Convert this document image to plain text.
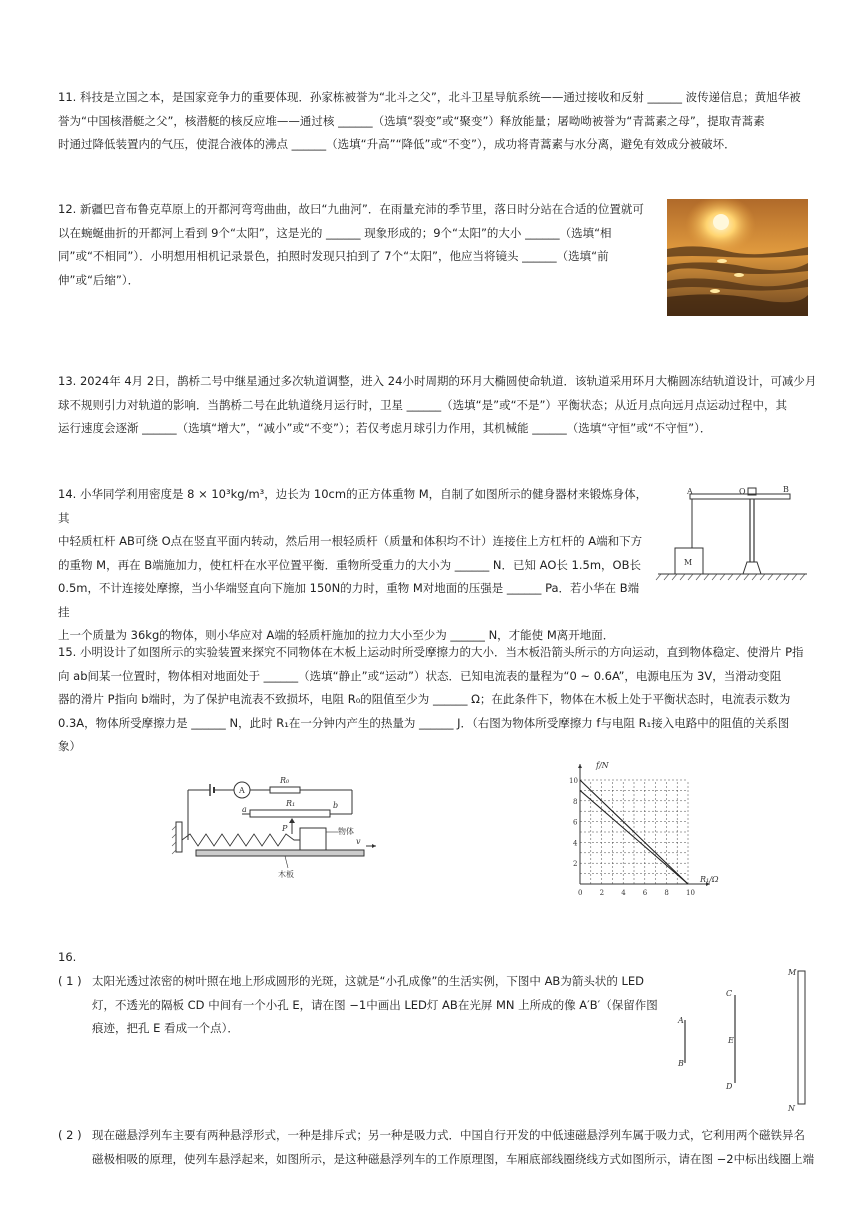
11. 科技是立国之本，是国家竞争力的重要体现．孙家栋被誉为“北斗之父”，北斗卫星导航系统——通过接收和反射 ______ 波传递信息；黄旭华被

誉为“中国核潜艇之父”，核潜艇的核反应堆——通过核 ______（选填“裂变”或“聚变”）释放能量；屠呦呦被誉为“青蒿素之母”，提取青蒿素

时通过降低装置内的气压，使混合液体的沸点 ______（选填“升高”“降低”或“不变”），成功将青蒿素与水分离，避免有效成分被破坏．

12. 新疆巴音布鲁克草原上的开都河弯弯曲曲，故曰“九曲河”．在雨量充沛的季节里，落日时分站在合适的位置就可

以在蜿蜒曲折的开都河上看到 9个“太阳”，这是光的 ______ 现象形成的；9个“太阳”的大小 ______（选填“相

同”或“不相同”）．小明想用相机记录景色，拍照时发现只拍到了 7个“太阳”，他应当将镜头 ______（选填“前

伸”或“后缩”）．

13. 2024年 4月 2日，鹊桥二号中继星通过多次轨道调整，进入 24小时周期的环月大椭圆使命轨道．该轨道采用环月大椭圆冻结轨道设计，可减少月

球不规则引力对轨道的影响．当鹊桥二号在此轨道绕月运行时，卫星 ______（选填“是”或“不是”）平衡状态；从近月点向远月点运动过程中，其

运行速度会逐渐 ______（选填“增大”，“减小”或“不变”）；若仅考虑月球引力作用，其机械能 ______（选填“守恒”或“不守恒”）．

14. 小华同学利用密度是 8 × 10³kg/m³，边长为 10cm的正方体重物 M，自制了如图所示的健身器材来锻炼身体，其

中轻质杠杆 AB可绕 O点在竖直平面内转动，然后用一根轻质杆（质量和体积均不计）连接住上方杠杆的 A端和下方

的重物 M，再在 B端施加力，使杠杆在水平位置平衡．重物所受重力的大小为 ______ N．已知 AO长 1.5m，OB长

0.5m，不计连接处摩擦，当小华端竖直向下施加 150N的力时，重物 M对地面的压强是 ______ Pa．若小华在 B端挂

上一个质量为 36kg的物体，则小华应对 A端的轻质杆施加的拉力大小至少为 ______ N，才能使 M离开地面．

A	O	B
M

15. 小明设计了如图所示的实验装置来探究不同物体在木板上运动时所受摩擦力的大小．当木板沿箭头所示的方向运动，直到物体稳定、使滑片 P指

向 ab间某一位置时，物体相对地面处于 ______（选填“静止”或“运动”）状态．已知电流表的量程为“0 ~ 0.6A”，电源电压为 3V，当滑动变阻

器的滑片 P指向 b端时，为了保护电流表不致损坏，电阻 R₀的阻值至少为 ______ Ω；在此条件下，物体在木板上处于平衡状态时，电流表示数为

0.3A，物体所受摩擦力是 ______ N，此时 R₁在一分钟内产生的热量为 ______ J．（右图为物体所受摩擦力 f与电阻 R₁接入电路中的阻值的关系图

象）

A
R₀
R₁
a	b
P	物体
v
木板
0 2 4 6 8 10
2
4
6
8
10
f/N
R₁/Ω
16.
( 1 ) 太阳光透过浓密的树叶照在地上形成圆形的光斑，这就是“小孔成像”的生活实例，下图中 AB为箭头状的 LED
灯，不透光的隔板 CD 中间有一个小孔 E，请在图 −1中画出 LED灯 AB在光屏 MN 上所成的像 A′B′（保留作图
痕迹，把孔 E 看成一个点）．
A
B
C
E
D
M
N
( 2 ) 现在磁悬浮列车主要有两种悬浮形式，一种是排斥式；另一种是吸力式．中国自行开发的中低速磁悬浮列车属于吸力式，它利用两个磁铁异名
磁极相吸的原理，使列车悬浮起来，如图所示，是这种磁悬浮列车的工作原理图，车厢底部线圈绕线方式如图所示，请在图 −2中标出线圈上端
